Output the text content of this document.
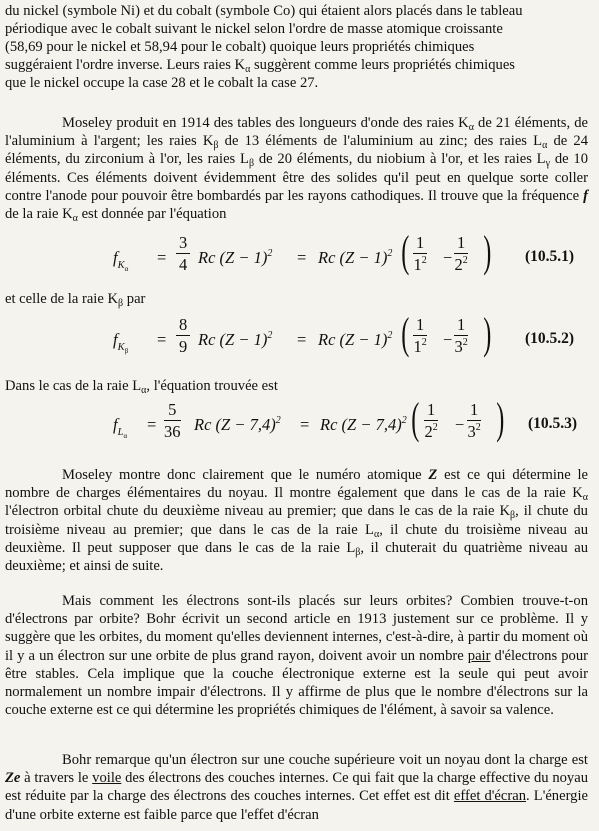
du nickel (symbole Ni) et du cobalt (symbole Co) qui étaient alors placés dans le tableau

périodique avec le cobalt suivant le nickel selon l'ordre de masse atomique croissante

(58,69 pour le nickel et 58,94 pour le cobalt) quoique leurs propriétés chimiques

suggéraient l'ordre inverse. Leurs raies $K_\alpha$ suggèrent comme leurs propriétés chimiques

que le nickel occupe la case 28 et le cobalt la case 27.

Moseley produit en 1914 des tables des longueurs d'onde des raies $K_\alpha$ de 21 éléments, de l'aluminium à l'argent; les raies $K_\beta$ de 13 éléments de l'aluminium au zinc; des raies $L_\alpha$ de 24 éléments, du zirconium à l'or, les raies $L_\beta$ de 20 éléments, du niobium à l'or, et les raies $L_\gamma$ de 10 éléments. Ces éléments doivent évidemment être des solides qu'il peut en quelque sorte coller contre l'anode pour pouvoir être bombardés par les rayons cathodiques. Il trouve que la fréquence f de la raie $K_\alpha$ est donnée par l'équation

$f_{K\alpha}$
= $\frac{3}{4}$ Rc $(Z - 1)^2 = Rc$ $(Z - 1)^2$ ( $\frac{1}{1^2} - \frac{1}{2^2}$ ) (10.5.1)

et celle de la raie $K_\beta$ par

$f_{K\beta}$
= $\frac{8}{9}$ Rc $(Z - 1)^2 = Rc$ $(Z - 1)^2$ ( $\frac{1}{1^2} - \frac{1}{3^2}$ ) (10.5.2)

Dans le cas de la raie $L_\alpha$, l'équation trouvée est

$f_{L\alpha}$
= $\frac{5}{36}$ Rc $(Z - 7,4)^2 = Rc$ $(Z - 7,4)^2$ ( $\frac{1}{2^2} - \frac{1}{3^2}$ ) (10.5.3)

Moseley montre donc clairement que le numéro atomique Z est ce qui détermine le nombre de charges élémentaires du noyau. Il montre également que dans le cas de la raie $K_\alpha$ l'électron orbital chute du deuxième niveau au premier; que dans le cas de la raie $K_\beta$, il chute du troisième niveau au premier; que dans le cas de la raie $L_\alpha$, il chute du troisième niveau au deuxième. Il peut supposer que dans le cas de la raie $L_\beta$, il chuterait du quatrième niveau au deuxième; et ainsi de suite.

Mais comment les électrons sont-ils placés sur leurs orbites? Combien trouve-t-on d'électrons par orbite? Bohr écrivit un second article en 1913 justement sur ce problème. Il y suggère que les orbites, du moment qu'elles deviennent internes, c'est-à-dire, à partir du moment où il y a un électron sur une orbite de plus grand rayon, doivent avoir un nombre pair d'électrons pour être stables. Cela implique que la couche électronique externe est la seule qui peut avoir normalement un nombre impair d'électrons. Il y affirme de plus que le nombre d'électrons sur la couche externe est ce qui détermine les propriétés chimiques de l'élément, à savoir sa valence.

Bohr remarque qu'un électron sur une couche supérieure voit un noyau dont la charge est Ze à travers le voile des électrons des couches internes. Ce qui fait que la charge effective du noyau est réduite par la charge des électrons des couches internes. Cet effet est dit effet d'écran. L'énergie d'une orbite externe est faible parce que l'effet d'écran
